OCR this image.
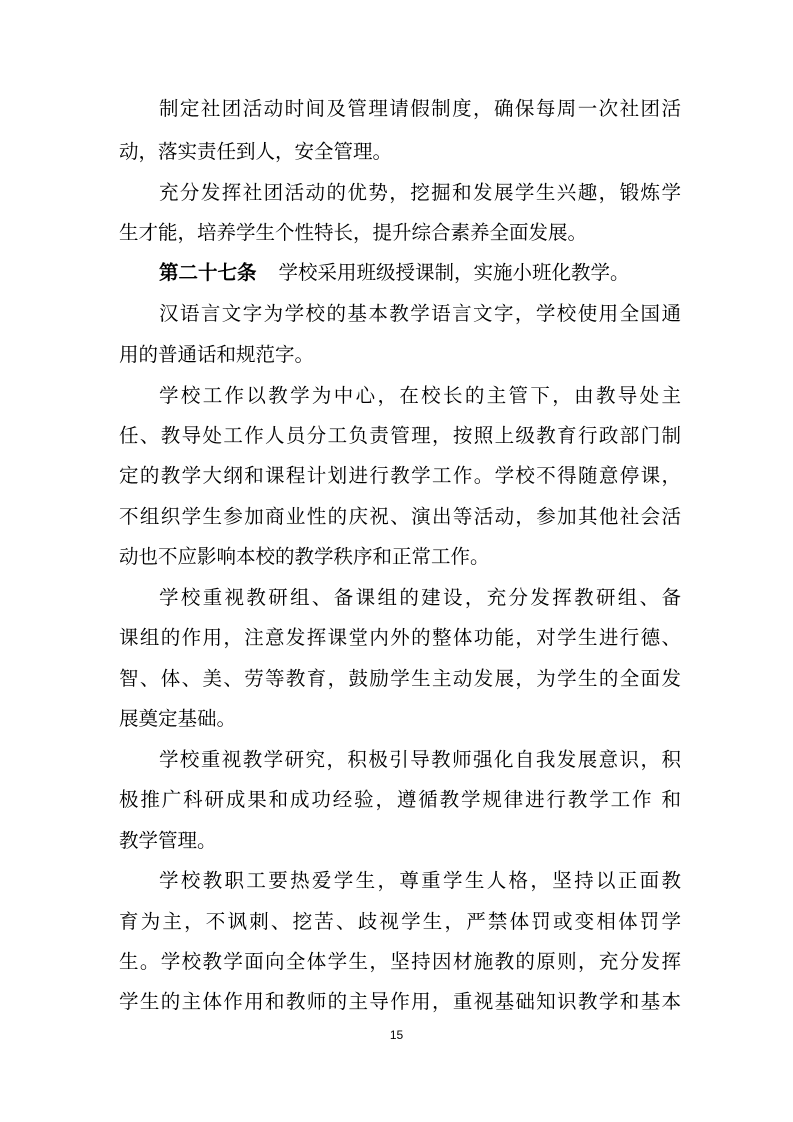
制定社团活动时间及管理请假制度，确保每周一次社团活
动，落实责任到人，安全管理。
充分发挥社团活动的优势，挖掘和发展学生兴趣，锻炼学
生才能，培养学生个性特长，提升综合素养全面发展。
第二十七条 学校采用班级授课制，实施小班化教学。
汉语言文字为学校的基本教学语言文字，学校使用全国通
用的普通话和规范字。
学校工作以教学为中心，在校长的主管下，由教导处主
任、教导处工作人员分工负责管理，按照上级教育行政部门制
定的教学大纲和课程计划进行教学工作。学校不得随意停课，
不组织学生参加商业性的庆祝、演出等活动，参加其他社会活
动也不应影响本校的教学秩序和正常工作。
学校重视教研组、备课组的建设，充分发挥教研组、备
课组的作用，注意发挥课堂内外的整体功能，对学生进行德、
智、体、美、劳等教育，鼓励学生主动发展，为学生的全面发
展奠定基础。
学校重视教学研究，积极引导教师强化自我发展意识，积
极推广科研成果和成功经验，遵循教学规律进行教学工作 和
教学管理。
学校教职工要热爱学生，尊重学生人格，坚持以正面教
育为主，不讽刺、挖苦、歧视学生，严禁体罚或变相体罚学
生。学校教学面向全体学生，坚持因材施教的原则，充分发挥
学生的主体作用和教师的主导作用，重视基础知识教学和基本
15
